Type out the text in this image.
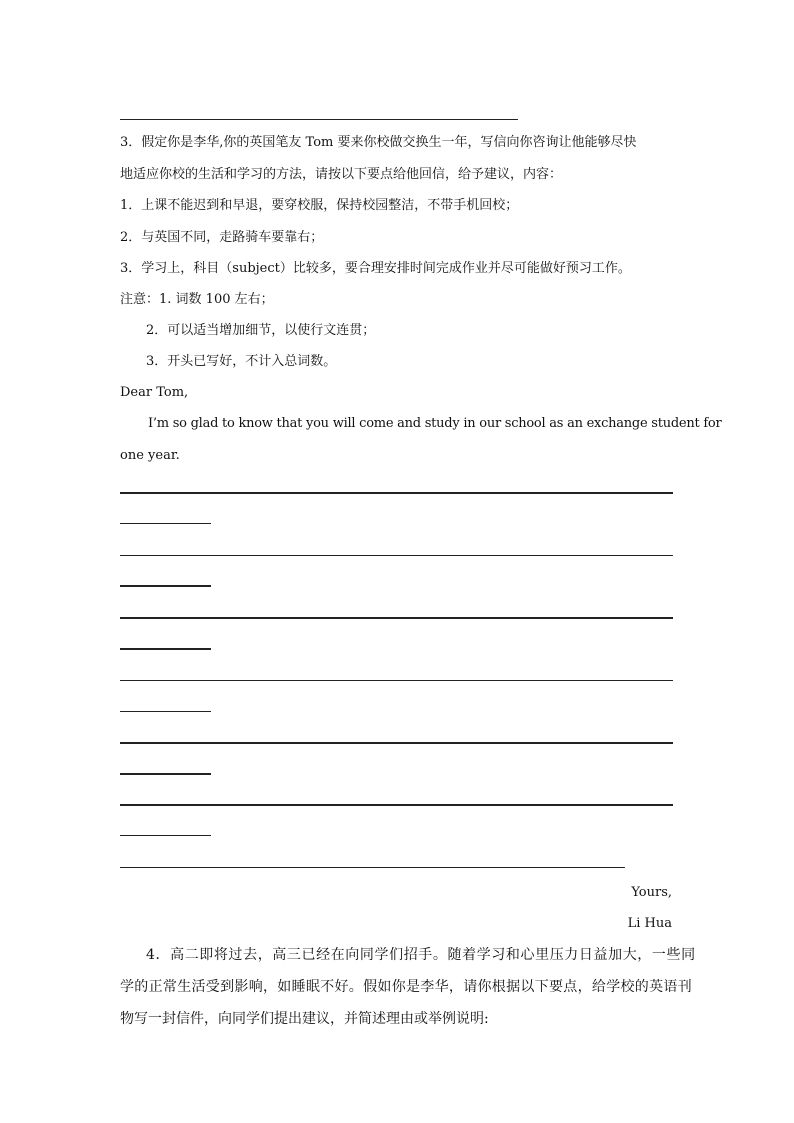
3．假定你是李华,你的英国笔友 Tom 要来你校做交换生一年，写信向你咨询让他能够尽快
地适应你校的生活和学习的方法，请按以下要点给他回信，给予建议，内容：
1．上课不能迟到和早退，要穿校服，保持校园整洁，不带手机回校；
2．与英国不同，走路骑车要靠右；
3．学习上，科目（subject）比较多，要合理安排时间完成作业并尽可能做好预习工作。
注意：1. 词数 100 左右；
2．可以适当增加细节，以使行文连贯；
3．开头已写好，不计入总词数。
Dear Tom,
I’m so glad to know that you will come and study in our school as an exchange student for
one year.
Yours,
Li Hua
4．高二即将过去，高三已经在向同学们招手。随着学习和心里压力日益加大，一些同
学的正常生活受到影响，如睡眠不好。假如你是李华，请你根据以下要点，给学校的英语刊
物写一封信件，向同学们提出建议，并简述理由或举例说明:
